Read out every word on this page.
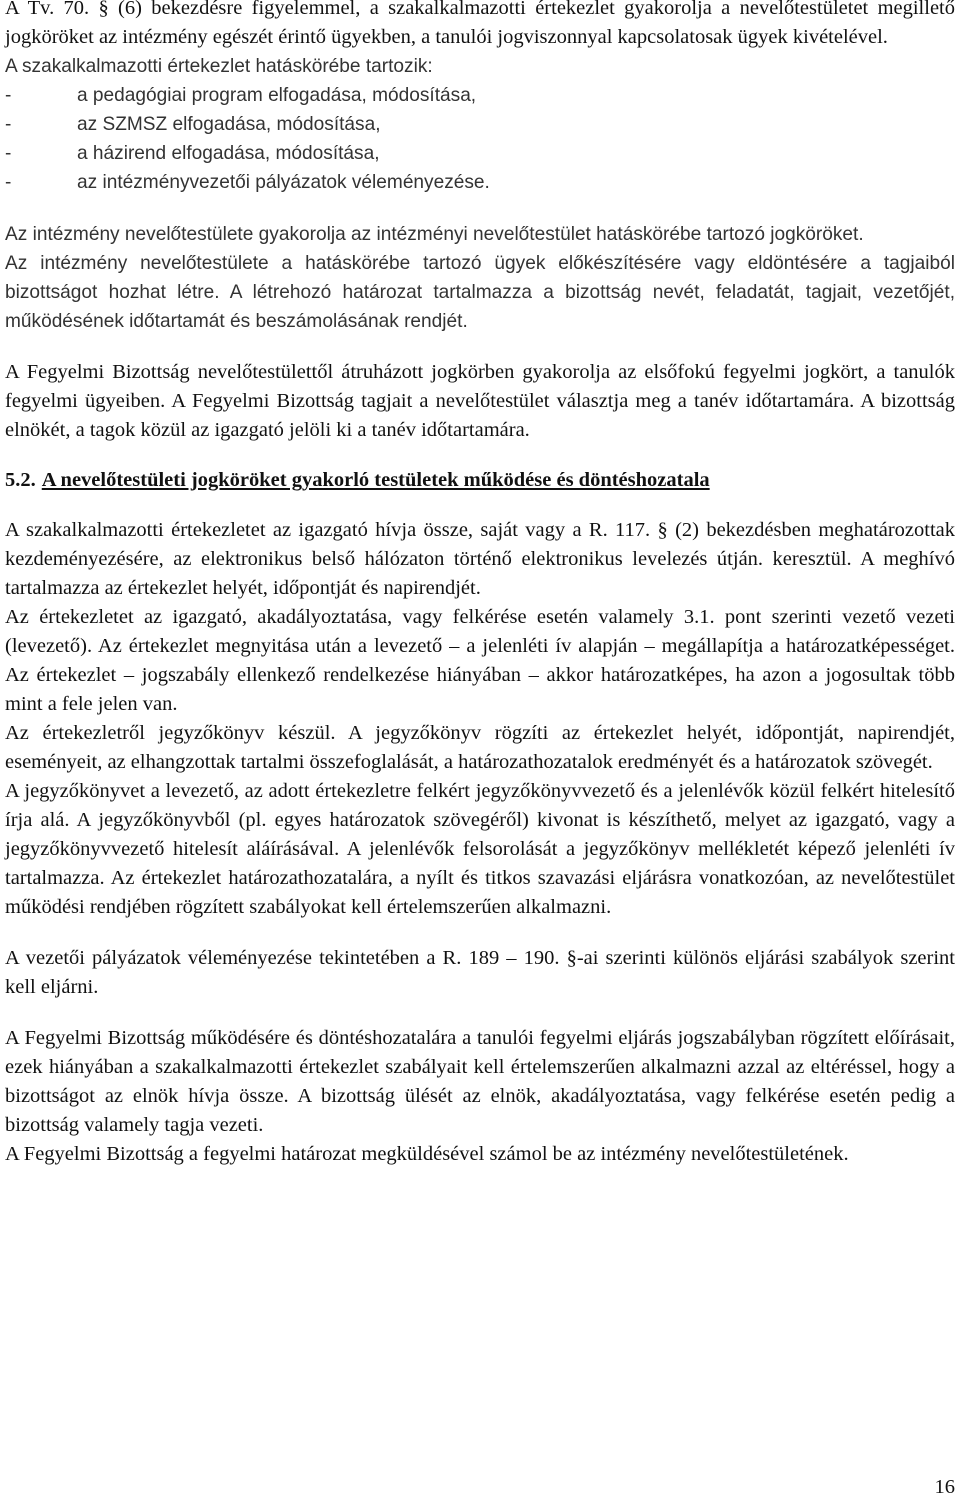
A Tv. 70. § (6) bekezdésre figyelemmel, a szakalkalmazotti értekezlet gyakorolja a nevelőtestületet megillető jogköröket az intézmény egészét érintő ügyekben, a tanulói jogviszonnyal kapcsolatosak ügyek kivételével.

A szakalkalmazotti értekezlet hatáskörébe tartozik:

-	a pedagógiai program elfogadása, módosítása,
-	az SZMSZ elfogadása, módosítása,
-	a házirend elfogadása, módosítása,
-	az intézményvezetői pályázatok véleményezése.

Az intézmény nevelőtestülete gyakorolja az intézményi nevelőtestület hatáskörébe tartozó jogköröket.

Az intézmény nevelőtestülete a hatáskörébe tartozó ügyek előkészítésére vagy eldöntésére a tagjaiból bizottságot hozhat létre. A létrehozó határozat tartalmazza a bizottság nevét, feladatát, tagjait, vezetőjét, működésének időtartamát és beszámolásának rendjét.

A Fegyelmi Bizottság nevelőtestülettől átruházott jogkörben gyakorolja az elsőfokú fegyelmi jogkört, a tanulók fegyelmi ügyeiben. A Fegyelmi Bizottság tagjait a nevelőtestület választja meg a tanév időtartamára. A bizottság elnökét, a tagok közül az igazgató jelöli ki a tanév időtartamára.

5.2. A nevelőtestületi jogköröket gyakorló testületek működése és döntéshozatala

A szakalkalmazotti értekezletet az igazgató hívja össze, saját vagy a R. 117. § (2) bekezdésben meghatározottak kezdeményezésére, az elektronikus belső hálózaton történő elektronikus levelezés útján. keresztül. A meghívó tartalmazza az értekezlet helyét, időpontját és napirendjét.

Az értekezletet az igazgató, akadályoztatása, vagy felkérése esetén valamely 3.1. pont szerinti vezető vezeti (levezető). Az értekezlet megnyitása után a levezető – a jelenléti ív alapján – megállapítja a határozatképességet. Az értekezlet – jogszabály ellenkező rendelkezése hiányában – akkor határozatképes, ha azon a jogosultak több mint a fele jelen van.

Az értekezletről jegyzőkönyv készül. A jegyzőkönyv rögzíti az értekezlet helyét, időpontját, napirendjét, eseményeit, az elhangzottak tartalmi összefoglalását, a határozathozatalok eredményét és a határozatok szövegét.

A jegyzőkönyvet a levezető, az adott értekezletre felkért jegyzőkönyvvezető és a jelenlévők közül felkért hitelesítő írja alá. A jegyzőkönyvből (pl. egyes határozatok szövegéről) kivonat is készíthető, melyet az igazgató, vagy a jegyzőkönyvvezető hitelesít aláírásával. A jelenlévők felsorolását a jegyzőkönyv mellékletét képező jelenléti ív tartalmazza. Az értekezlet határozathozatalára, a nyílt és titkos szavazási eljárásra vonatkozóan, az nevelőtestület működési rendjében rögzített szabályokat kell értelemszerűen alkalmazni.

A vezetői pályázatok véleményezése tekintetében a R. 189 – 190. §-ai szerinti különös eljárási szabályok szerint kell eljárni.

A Fegyelmi Bizottság működésére és döntéshozatalára a tanulói fegyelmi eljárás jogszabályban rögzített előírásait, ezek hiányában a szakalkalmazotti értekezlet szabályait kell értelemszerűen alkalmazni azzal az eltéréssel, hogy a bizottságot az elnök hívja össze. A bizottság ülését az elnök, akadályoztatása, vagy felkérése esetén pedig a bizottság valamely tagja vezeti.

A Fegyelmi Bizottság a fegyelmi határozat megküldésével számol be az intézmény nevelőtestületének.

16
